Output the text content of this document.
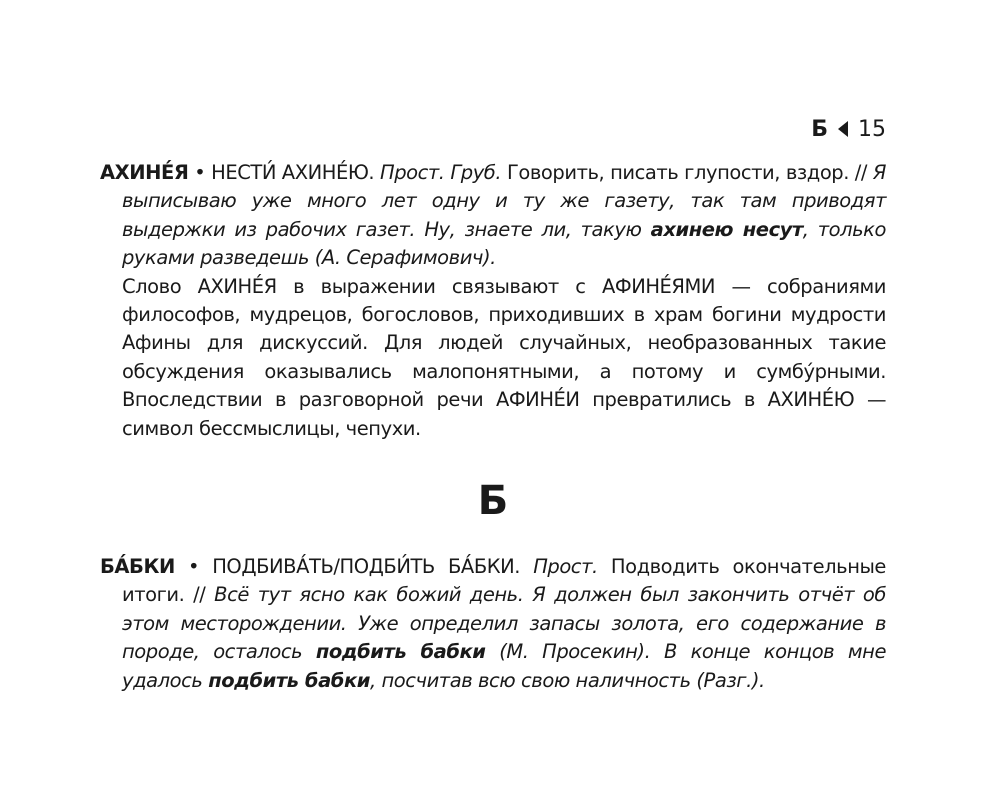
Б 15

АХИНЕ́Я • НЕСТИ́ АХИНЕ́Ю. Прост. Груб. Говорить, писать глупости, вздор. // Я выписываю уже много лет одну и ту же газету, так там приводят выдержки из рабочих газет. Ну, знаете ли, такую ахинею несут, только руками разведешь (А. Серафимович).

Слово АХИНЕ́Я в выражении связывают с АФИНЕ́ЯМИ — собраниями философов, мудрецов, богословов, приходивших в храм богини мудрости Афины для дискуссий. Для людей случайных, необразованных такие обсуждения оказывались малопонятными, а потому и сумбу́рными. Впоследствии в разговорной речи АФИНЕ́И превратились в АХИНЕ́Ю — символ бессмыслицы, чепухи.

Б

БА́БКИ • ПОДБИВА́ТЬ/ПОДБИ́ТЬ БА́БКИ. Прост. Подводить окончательные итоги. // Всё тут ясно как божий день. Я должен был закончить отчёт об этом месторождении. Уже определил запасы золота, его содержание в породе, осталось подбить бабки (М. Просекин). В конце концов мне удалось подбить бабки, посчитав всю свою наличность (Разг.).
